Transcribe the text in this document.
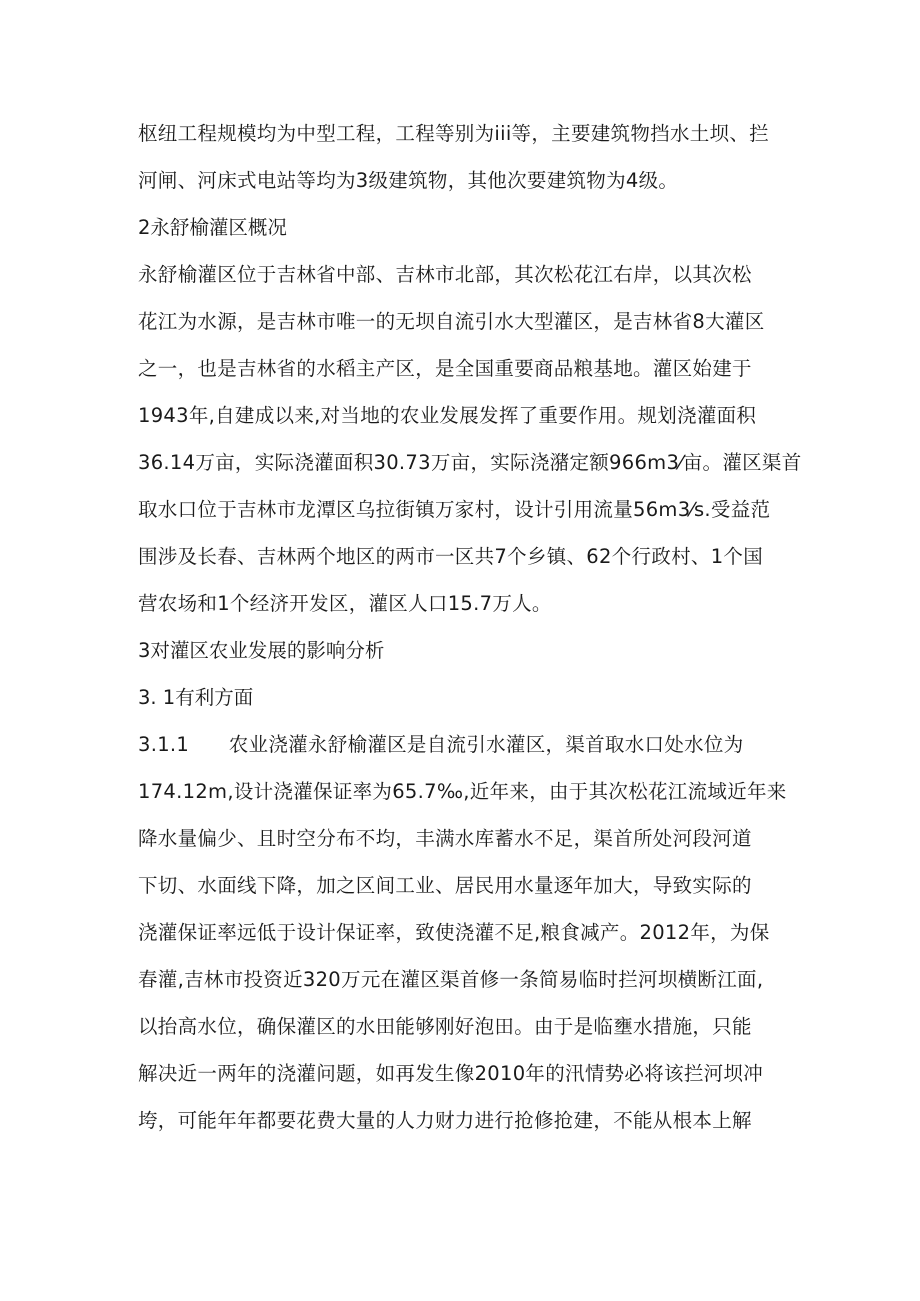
枢纽工程规模均为中型工程，工程等别为iii等，主要建筑物挡水土坝、拦
河闸、河床式电站等均为3级建筑物，其他次要建筑物为4级。
2永舒榆灌区概况
永舒榆灌区位于吉林省中部、吉林市北部，其次松花江右岸，以其次松
花江为水源，是吉林市唯一的无坝自流引水大型灌区，是吉林省8大灌区
之一，也是吉林省的水稻主产区，是全国重要商品粮基地。灌区始建于
1943年,自建成以来,对当地的农业发展发挥了重要作用。规划浇灌面积
36.14万亩，实际浇灌面积30.73万亩，实际浇潴定额966m3⁄亩。灌区渠首
取水口位于吉林市龙潭区乌拉街镇万家村，设计引用流量56m3⁄s.受益范
围涉及长春、吉林两个地区的两市一区共7个乡镇、62个行政村、1个国
营农场和1个经济开发区，灌区人口15.7万人。
3对灌区农业发展的影响分析
3. 1有利方面
3.1.1　　农业浇灌永舒榆灌区是自流引水灌区，渠首取水口处水位为
174.12m,设计浇灌保证率为65.7‰,近年来，由于其次松花江流域近年来
降水量偏少、且时空分布不均，丰满水库蓄水不足，渠首所处河段河道
下切、水面线下降，加之区间工业、居民用水量逐年加大，导致实际的
浇灌保证率远低于设计保证率，致使浇灌不足,粮食减产。2012年，为保
春灌,吉林市投资近320万元在灌区渠首修一条简易临时拦河坝横断江面,
以抬高水位，确保灌区的水田能够刚好泡田。由于是临壅水措施，只能
解决近一两年的浇灌问题，如再发生像2010年的汛情势必将该拦河坝冲
垮，可能年年都要花费大量的人力财力进行抢修抢建，不能从根本上解
